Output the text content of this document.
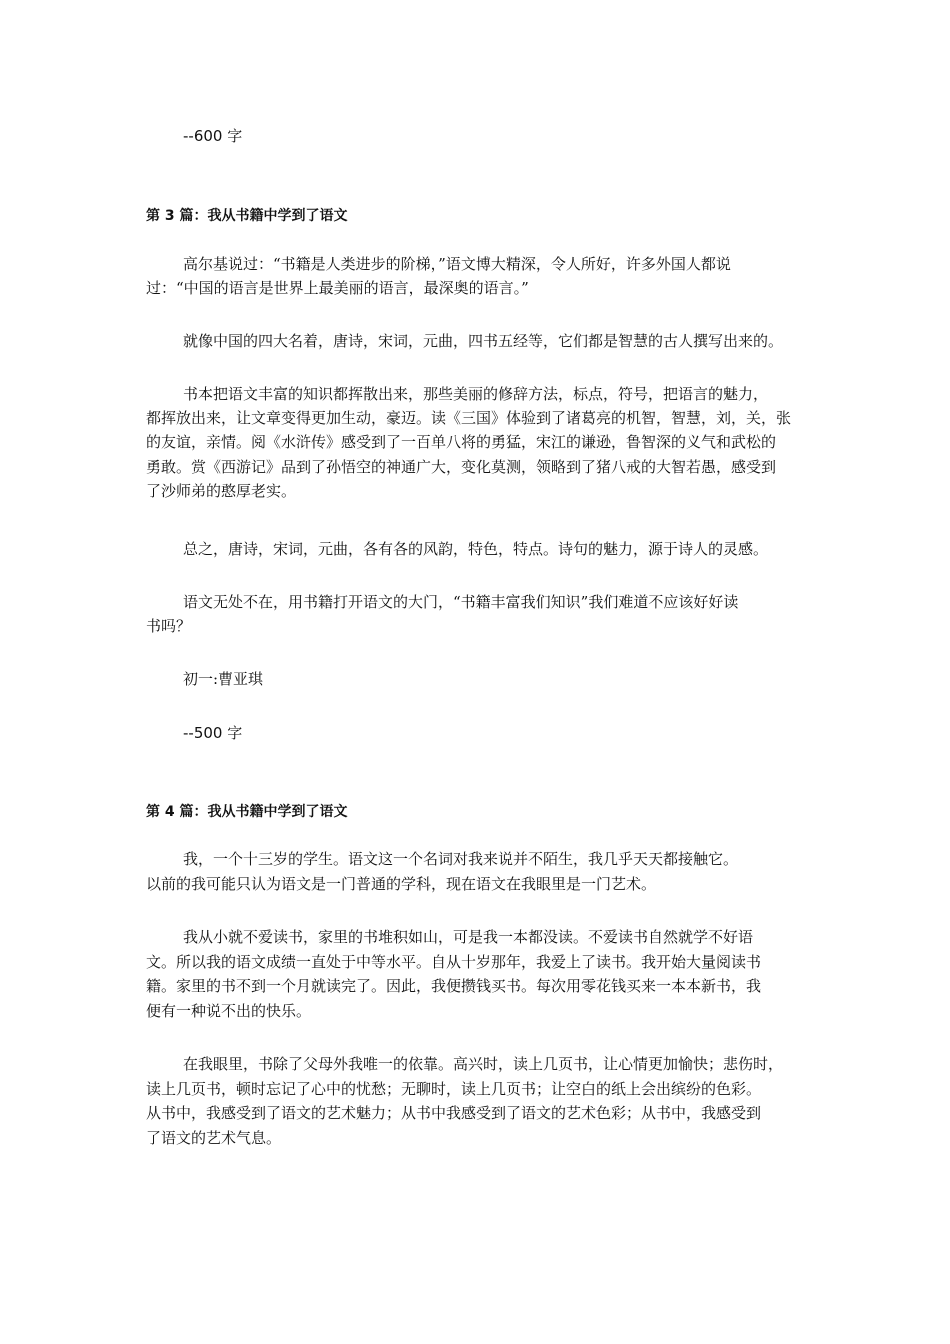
--600 字
第 3 篇：我从书籍中学到了语文
高尔基说过：“书籍是人类进步的阶梯，”语文博大精深，令人所好，许多外国人都说
过：“中国的语言是世界上最美丽的语言，最深奥的语言。”
就像中国的四大名着，唐诗，宋词，元曲，四书五经等，它们都是智慧的古人撰写出来的。
书本把语文丰富的知识都挥散出来，那些美丽的修辞方法，标点，符号，把语言的魅力，
都挥放出来，让文章变得更加生动，豪迈。读《三国》体验到了诸葛亮的机智，智慧，刘，关，张
的友谊，亲情。阅《水浒传》感受到了一百单八将的勇猛，宋江的谦逊，鲁智深的义气和武松的
勇敢。赏《西游记》品到了孙悟空的神通广大，变化莫测，领略到了猪八戒的大智若愚，感受到
了沙师弟的憨厚老实。
总之，唐诗，宋词，元曲，各有各的风韵，特色，特点。诗句的魅力，源于诗人的灵感。
语文无处不在，用书籍打开语文的大门，“书籍丰富我们知识”我们难道不应该好好读
书吗？
初一:曹亚琪
--500 字
第 4 篇：我从书籍中学到了语文
我，一个十三岁的学生。语文这一个名词对我来说并不陌生，我几乎天天都接触它。
以前的我可能只认为语文是一门普通的学科，现在语文在我眼里是一门艺术。
我从小就不爱读书，家里的书堆积如山，可是我一本都没读。不爱读书自然就学不好语
文。所以我的语文成绩一直处于中等水平。自从十岁那年，我爱上了读书。我开始大量阅读书
籍。家里的书不到一个月就读完了。因此，我便攒钱买书。每次用零花钱买来一本本新书，我
便有一种说不出的快乐。
在我眼里，书除了父母外我唯一的依靠。高兴时，读上几页书，让心情更加愉快；悲伤时，
读上几页书，顿时忘记了心中的忧愁；无聊时，读上几页书；让空白的纸上会出缤纷的色彩。
从书中，我感受到了语文的艺术魅力；从书中我感受到了语文的艺术色彩；从书中，我感受到
了语文的艺术气息。
